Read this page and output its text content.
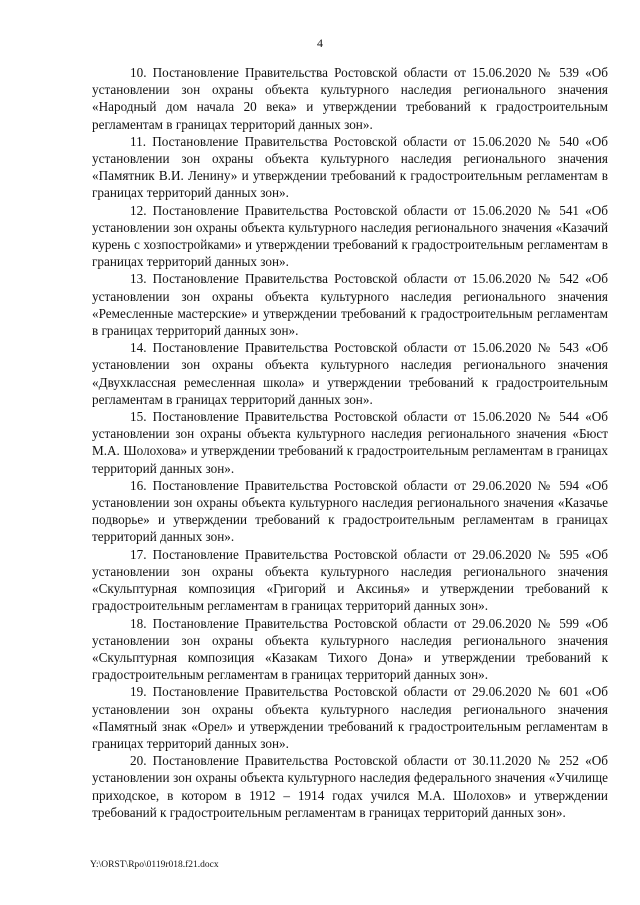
4

10. Постановление Правительства Ростовской области от 15.06.2020 № 539 «Об установлении зон охраны объекта культурного наследия регионального значения «Народный дом начала 20 века» и утверждении требований к градостроительным регламентам в границах территорий данных зон».

11. Постановление Правительства Ростовской области от 15.06.2020 № 540 «Об установлении зон охраны объекта культурного наследия регионального значения «Памятник В.И. Ленину» и утверждении требований к градостроительным регламентам в границах территорий данных зон».

12. Постановление Правительства Ростовской области от 15.06.2020 № 541 «Об установлении зон охраны объекта культурного наследия регионального значения «Казачий курень с хозпостройками» и утверждении требований к градостроительным регламентам в границах территорий данных зон».

13. Постановление Правительства Ростовской области от 15.06.2020 № 542 «Об установлении зон охраны объекта культурного наследия регионального значения «Ремесленные мастерские» и утверждении требований к градостроительным регламентам в границах территорий данных зон».

14. Постановление Правительства Ростовской области от 15.06.2020 № 543 «Об установлении зон охраны объекта культурного наследия регионального значения «Двухклассная ремесленная школа» и утверждении требований к градостроительным регламентам в границах территорий данных зон».

15. Постановление Правительства Ростовской области от 15.06.2020 № 544 «Об установлении зон охраны объекта культурного наследия регионального значения «Бюст М.А. Шолохова» и утверждении требований к градостроительным регламентам в границах территорий данных зон».

16. Постановление Правительства Ростовской области от 29.06.2020 № 594 «Об установлении зон охраны объекта культурного наследия регионального значения «Казачье подворье» и утверждении требований к градостроительным регламентам в границах территорий данных зон».

17. Постановление Правительства Ростовской области от 29.06.2020 № 595 «Об установлении зон охраны объекта культурного наследия регионального значения «Скульптурная композиция «Григорий и Аксинья» и утверждении требований к градостроительным регламентам в границах территорий данных зон».

18. Постановление Правительства Ростовской области от 29.06.2020 № 599 «Об установлении зон охраны объекта культурного наследия регионального значения «Скульптурная композиция «Казакам Тихого Дона» и утверждении требований к градостроительным регламентам в границах территорий данных зон».

19. Постановление Правительства Ростовской области от 29.06.2020 № 601 «Об установлении зон охраны объекта культурного наследия регионального значения «Памятный знак «Орел» и утверждении требований к градостроительным регламентам в границах территорий данных зон».

20. Постановление Правительства Ростовской области от 30.11.2020 № 252 «Об установлении зон охраны объекта культурного наследия федерального значения «Училище приходское, в котором в 1912 – 1914 годах учился М.А. Шолохов» и утверждении требований к градостроительным регламентам в границах территорий данных зон».

Y:\ORST\Rpo\0119r018.f21.docx
